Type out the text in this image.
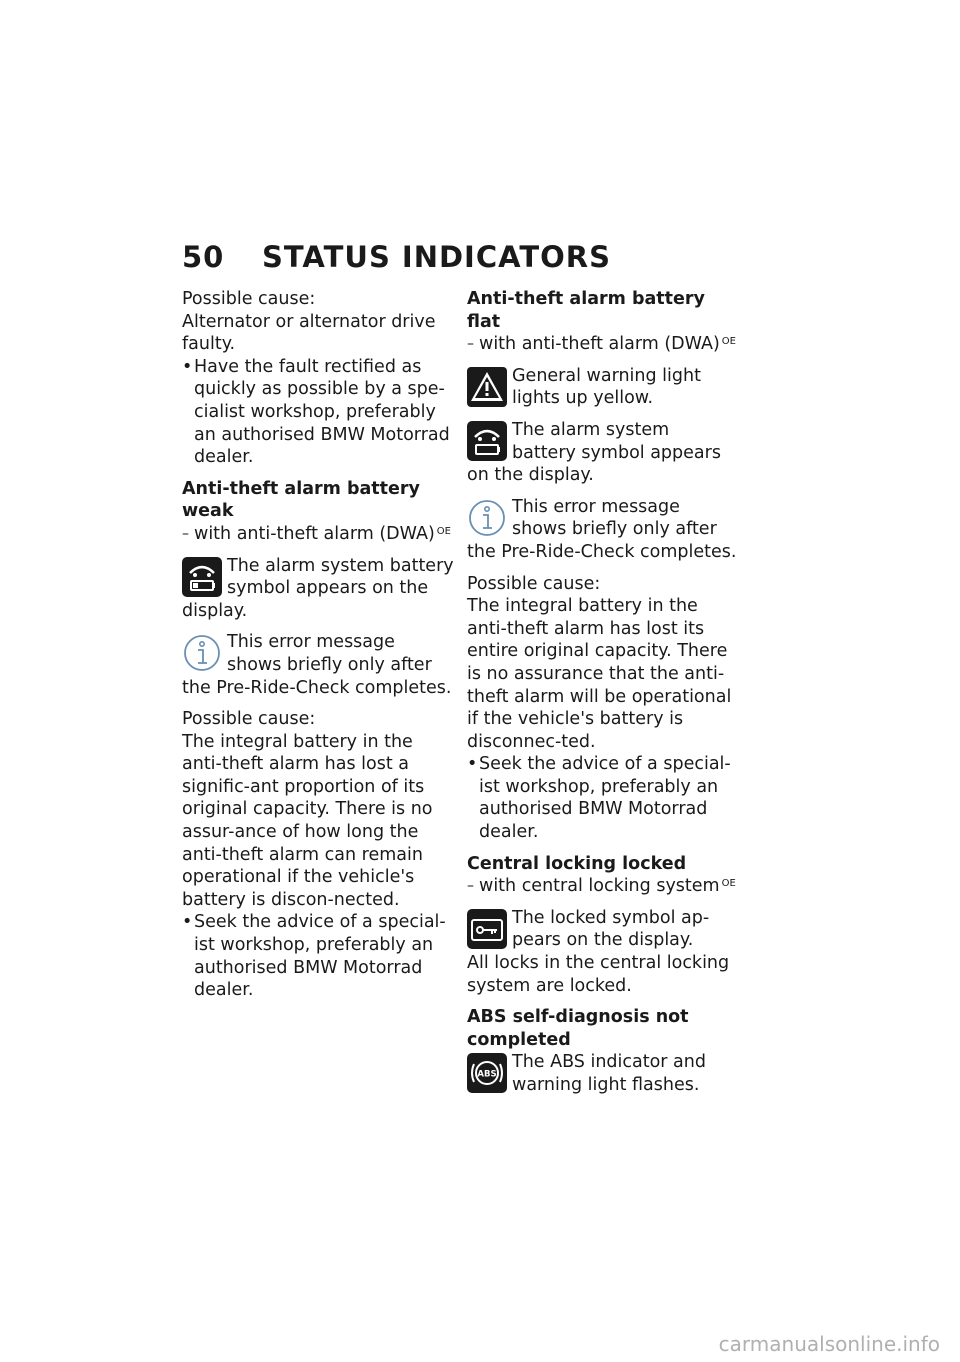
50 STATUS INDICATORS

Possible cause:

Alternator or alternator drive faulty.

• Have the fault rectified as quickly as possible by a spe-cialist workshop, preferably an authorised BMW Motorrad dealer.

Anti-theft alarm battery weak

– with anti-theft alarm (DWA) $^{OE}$

The alarm system battery symbol appears on the display.
This error message shows briefly only after the Pre-Ride-Check completes.

Possible cause:

The integral battery in the anti-theft alarm has lost a signific-ant proportion of its original capacity. There is no assur-ance of how long the anti-theft alarm can remain operational if the vehicle's battery is discon-nected.

• Seek the advice of a special-ist workshop, preferably an authorised BMW Motorrad dealer.

Anti-theft alarm battery flat

– with anti-theft alarm (DWA) $^{OE}$

General warning light lights up yellow.
The alarm system battery symbol appears on the display.
This error message shows briefly only after the Pre-Ride-Check completes.

Possible cause:

The integral battery in the anti-theft alarm has lost its entire original capacity. There is no assurance that the anti-theft alarm will be operational if the vehicle's battery is disconnec-ted.

• Seek the advice of a special-ist workshop, preferably an authorised BMW Motorrad dealer.

Central locking locked

– with central locking system $^{OE}$

The locked symbol ap-pears on the display.

All locks in the central locking system are locked.

ABS self-diagnosis not completed

ABS
The ABS indicator and warning light flashes.
carmanualsonline.info
